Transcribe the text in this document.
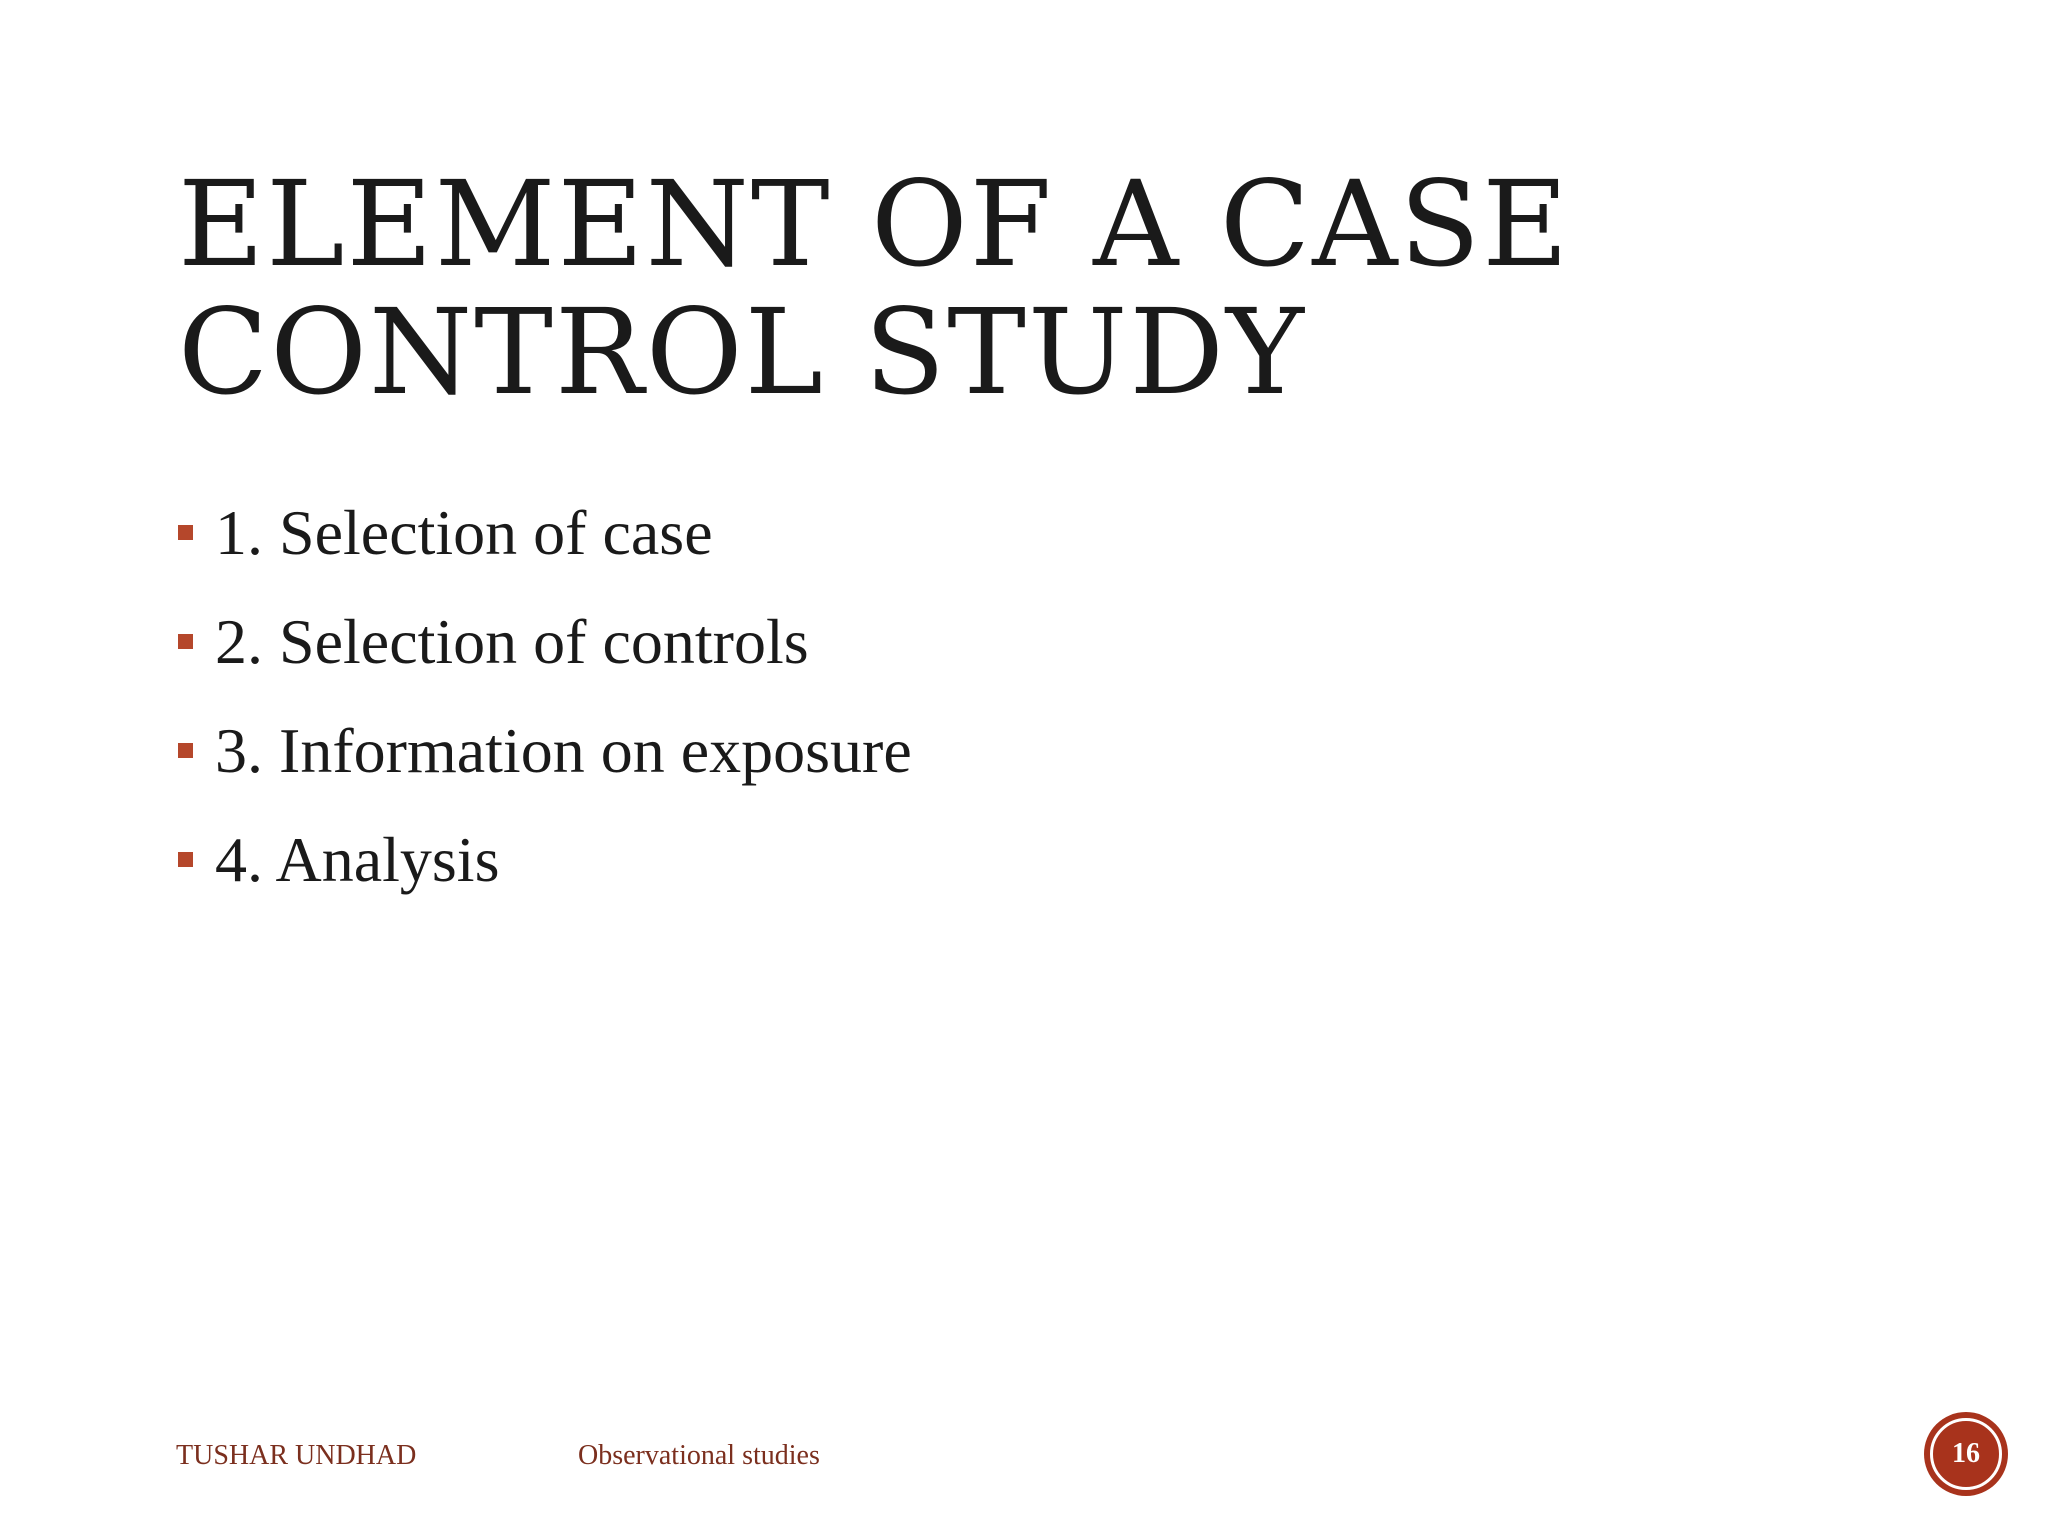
ELEMENT OF A CASE
CONTROL STUDY
1. Selection of case
2. Selection of controls
3. Information on exposure
4. Analysis
TUSHAR UNDHAD	Observational studies	16
